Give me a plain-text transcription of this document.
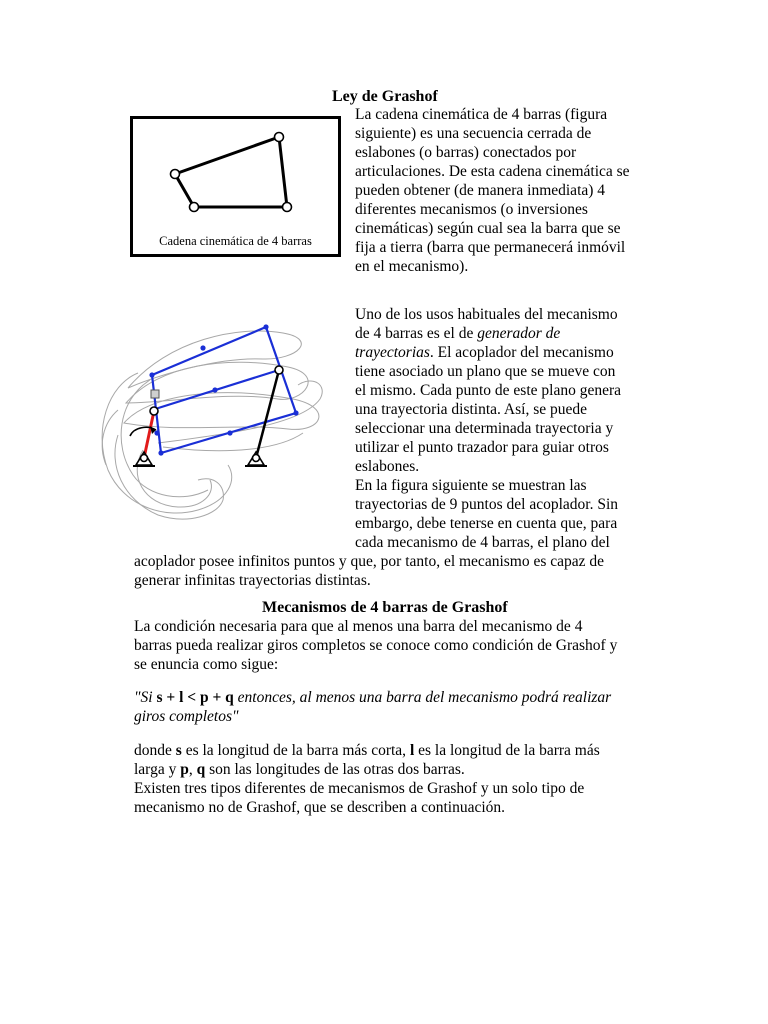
Ley de Grashof
Cadena cinemática de 4 barras
La cadena cinemática de 4 barras (figura
siguiente) es una secuencia cerrada de
eslabones (o barras) conectados por
articulaciones. De esta cadena cinemática se
pueden obtener (de manera inmediata) 4
diferentes mecanismos (o inversiones
cinemáticas) según cual sea la barra que se
fija a tierra (barra que permanecerá inmóvil
en el mecanismo).
Uno de los usos habituales del mecanismo
de 4 barras es el de generador de
trayectorias. El acoplador del mecanismo
tiene asociado un plano que se mueve con
el mismo. Cada punto de este plano genera
una trayectoria distinta. Así, se puede
seleccionar una determinada trayectoria y
utilizar el punto trazador para guiar otros
eslabones.
En la figura siguiente se muestran las
trayectorias de 9 puntos del acoplador. Sin
embargo, debe tenerse en cuenta que, para
cada mecanismo de 4 barras, el plano del
acoplador posee infinitos puntos y que, por tanto, el mecanismo es capaz de
generar infinitas trayectorias distintas.
Mecanismos de 4 barras de Grashof
La condición necesaria para que al menos una barra del mecanismo de 4
barras pueda realizar giros completos se conoce como condición de Grashof y
se enuncia como sigue:
"Si s + l < p + q entonces, al menos una barra del mecanismo podrá realizar
giros completos"
donde s es la longitud de la barra más corta, l es la longitud de la barra más
larga y p, q son las longitudes de las otras dos barras.
Existen tres tipos diferentes de mecanismos de Grashof y un solo tipo de
mecanismo no de Grashof, que se describen a continuación.
